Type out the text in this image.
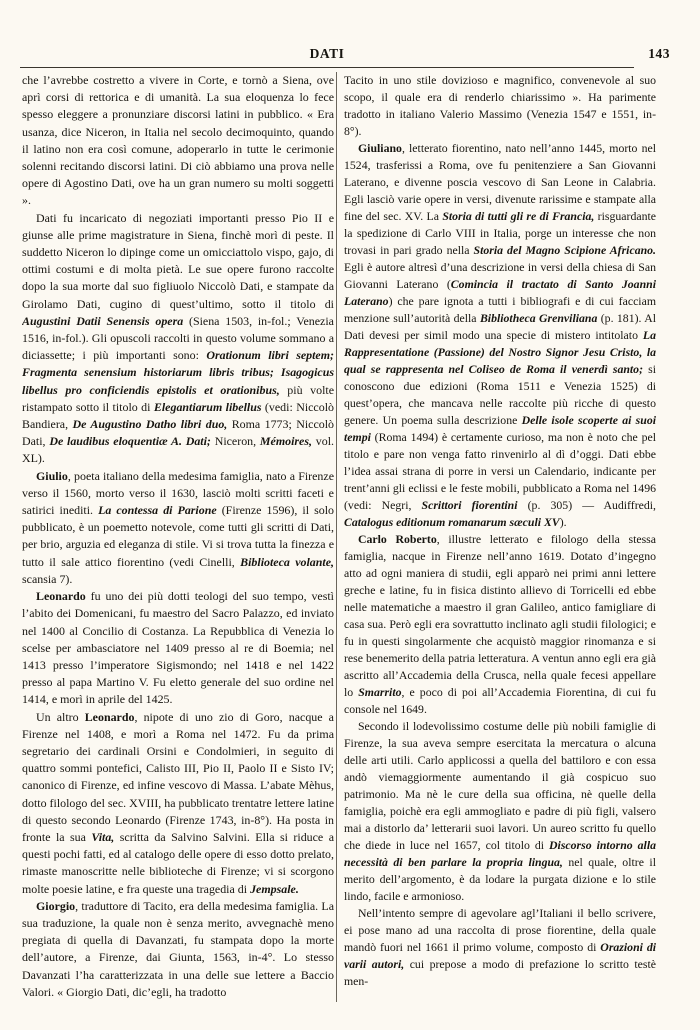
DATI	143

che l’avrebbe costretto a vivere in Corte, e tornò a Siena, ove aprì corsi di rettorica e di umanità. La sua eloquenza lo fece spesso eleggere a pronunziare discorsi latini in pubblico. « Era usanza, dice Niceron, in Italia nel secolo decimoquinto, quando il latino non era così comune, adoperarlo in tutte le cerimonie solenni recitando discorsi latini. Di ciò abbiamo una prova nelle opere di Agostino Dati, ove ha un gran numero su molti soggetti ».

Dati fu incaricato di negoziati importanti presso Pio II e giunse alle prime magistrature in Siena, finchè morì di peste. Il suddetto Niceron lo dipinge come un omicciattolo vispo, gajo, di ottimi costumi e di molta pietà. Le sue opere furono raccolte dopo la sua morte dal suo figliuolo Niccolò Dati, e stampate da Girolamo Dati, cugino di quest’ultimo, sotto il titolo di Augustini Datii Senensis opera (Siena 1503, in-fol.; Venezia 1516, in-fol.). Gli opuscoli raccolti in questo volume sommano a diciassette; i più importanti sono: Orationum libri septem; Fragmenta senensium historiarum libris tribus; Isagogicus libellus pro conficiendis epistolis et orationibus, più volte ristampato sotto il titolo di Elegantiarum libellus (vedi: Niccolò Bandiera, De Augustino Datho libri duo, Roma 1773; Niccolò Dati, De laudibus eloquentiæ A. Dati; Niceron, Mémoires, vol. XL).

Giulio, poeta italiano della medesima famiglia, nato a Firenze verso il 1560, morto verso il 1630, lasciò molti scritti faceti e satirici inediti. La contessa di Parione (Firenze 1596), il solo pubblicato, è un poemetto notevole, come tutti gli scritti di Dati, per brio, arguzia ed eleganza di stile. Vi si trova tutta la finezza e tutto il sale attico fiorentino (vedi Cinelli, Biblioteca volante, scansia 7).

Leonardo fu uno dei più dotti teologi del suo tempo, vestì l’abito dei Domenicani, fu maestro del Sacro Palazzo, ed inviato nel 1400 al Concilio di Costanza. La Repubblica di Venezia lo scelse per ambasciatore nel 1409 presso al re di Boemia; nel 1413 presso l’imperatore Sigismondo; nel 1418 e nel 1422 presso al papa Martino V. Fu eletto generale del suo ordine nel 1414, e morì in aprile del 1425.

Un altro Leonardo, nipote di uno zio di Goro, nacque a Firenze nel 1408, e morì a Roma nel 1472. Fu da prima segretario dei cardinali Orsini e Condolmieri, in seguito di quattro sommi pontefici, Calisto III, Pio II, Paolo II e Sisto IV; canonico di Firenze, ed infine vescovo di Massa. L’abate Mèhus, dotto filologo del sec. XVIII, ha pubblicato trentatre lettere latine di questo secondo Leonardo (Firenze 1743, in-8°). Ha posta in fronte la sua Vita, scritta da Salvino Salvini. Ella si riduce a questi pochi fatti, ed al catalogo delle opere di esso dotto prelato, rimaste manoscritte nelle biblioteche di Firenze; vi si scorgono molte poesie latine, e fra queste una tragedia di Jempsale.

Giorgio, traduttore di Tacito, era della medesima famiglia. La sua traduzione, la quale non è senza merito, avvegnachè meno pregiata di quella di Davanzati, fu stampata dopo la morte dell’autore, a Firenze, dai Giunta, 1563, in-4°. Lo stesso Davanzati l’ha caratterizzata in una delle sue lettere a Baccio Valori. « Giorgio Dati, dic’egli, ha tradotto

Tacito in uno stile dovizioso e magnifico, convenevole al suo scopo, il quale era di renderlo chiarissimo ». Ha parimente tradotto in italiano Valerio Massimo (Venezia 1547 e 1551, in-8°).

Giuliano, letterato fiorentino, nato nell’anno 1445, morto nel 1524, trasferissi a Roma, ove fu penitenziere a San Giovanni Laterano, e divenne poscia vescovo di San Leone in Calabria. Egli lasciò varie opere in versi, divenute rarissime e stampate alla fine del sec. XV. La Storia di tutti gli re di Francia, risguardante la spedizione di Carlo VIII in Italia, porge un interesse che non trovasi in pari grado nella Storia del Magno Scipione Africano. Egli è autore altresì d’una descrizione in versi della chiesa di San Giovanni Laterano (Comincia il tractato di Santo Joanni Laterano) che pare ignota a tutti i bibliografi e di cui facciam menzione sull’autorità della Bibliotheca Grenviliana (p. 181). Al Dati devesi per simil modo una specie di mistero intitolato La Rappresentatione (Passione) del Nostro Signor Jesu Cristo, la qual se rappresenta nel Coliseo de Roma il venerdì santo; si conoscono due edizioni (Roma 1511 e Venezia 1525) di quest’opera, che mancava nelle raccolte più ricche di questo genere. Un poema sulla descrizione Delle isole scoperte ai suoi tempi (Roma 1494) è certamente curioso, ma non è noto che pel titolo e pare non venga fatto rinvenirlo al dì d’oggi. Dati ebbe l’idea assai strana di porre in versi un Calendario, indicante per trent’anni gli eclissi e le feste mobili, pubblicato a Roma nel 1496 (vedi: Negri, Scrittori fiorentini (p. 305) — Audiffredi, Catalogus editionum romanarum sæculi XV).

Carlo Roberto, illustre letterato e filologo della stessa famiglia, nacque in Firenze nell’anno 1619. Dotato d’ingegno atto ad ogni maniera di studii, egli apparò nei primi anni lettere greche e latine, fu in fisica distinto allievo di Torricelli ed ebbe nelle matematiche a maestro il gran Galileo, antico famigliare di casa sua. Però egli era sovrattutto inclinato agli studii filologici; e fu in questi singolarmente che acquistò maggior rinomanza e si rese benemerito della patria letteratura. A ventun anno egli era già ascritto all’Accademia della Crusca, nella quale fecesi appellare lo Smarrito, e poco di poi all’Accademia Fiorentina, di cui fu console nel 1649.

Secondo il lodevolissimo costume delle più nobili famiglie di Firenze, la sua aveva sempre esercitata la mercatura o alcuna delle arti utili. Carlo applicossi a quella del battiloro e con essa andò viemaggiormente aumentando il già cospicuo suo patrimonio. Ma nè le cure della sua officina, nè quelle della famiglia, poichè era egli ammogliato e padre di più figli, valsero mai a distorlo da’ letterarii suoi lavori. Un aureo scritto fu quello che diede in luce nel 1657, col titolo di Discorso intorno alla necessità di ben parlare la propria lingua, nel quale, oltre il merito dell’argomento, è da lodare la purgata dizione e lo stile lindo, facile e armonioso.

Nell’intento sempre di agevolare agl’Italiani il bello scrivere, ei pose mano ad una raccolta di prose fiorentine, della quale mandò fuori nel 1661 il primo volume, composto di Orazioni di varii autori, cui prepose a modo di prefazione lo scritto testè men-
